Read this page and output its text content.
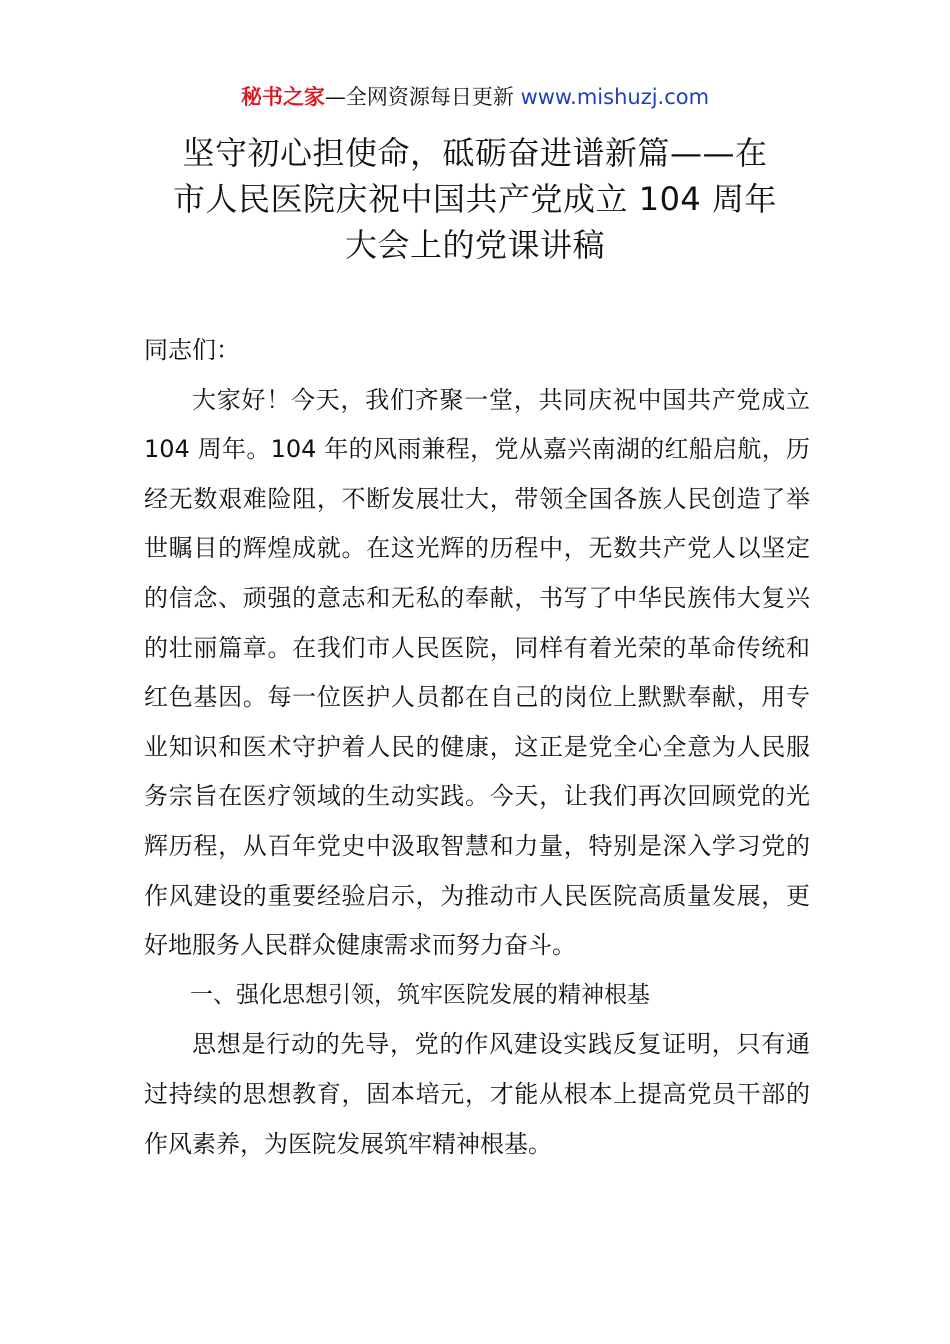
秘书之家—全网资源每日更新 www.mishuzj.com
坚守初心担使命，砥砺奋进谱新篇——在
市人民医院庆祝中国共产党成立 104 周年
大会上的党课讲稿

同志们：

大家好！今天，我们齐聚一堂，共同庆祝中国共产党成立 104 周年。104 年的风雨兼程，党从嘉兴南湖的红船启航，历经无数艰难险阻，不断发展壮大，带领全国各族人民创造了举世瞩目的辉煌成就。在这光辉的历程中，无数共产党人以坚定的信念、顽强的意志和无私的奉献，书写了中华民族伟大复兴的壮丽篇章。在我们市人民医院，同样有着光荣的革命传统和红色基因。每一位医护人员都在自己的岗位上默默奉献，用专业知识和医术守护着人民的健康，这正是党全心全意为人民服务宗旨在医疗领域的生动实践。今天，让我们再次回顾党的光辉历程，从百年党史中汲取智慧和力量，特别是深入学习党的作风建设的重要经验启示，为推动市人民医院高质量发展，更好地服务人民群众健康需求而努力奋斗。

一、强化思想引领，筑牢医院发展的精神根基

思想是行动的先导，党的作风建设实践反复证明，只有通过持续的思想教育，固本培元，才能从根本上提高党员干部的作风素养，为医院发展筑牢精神根基。
